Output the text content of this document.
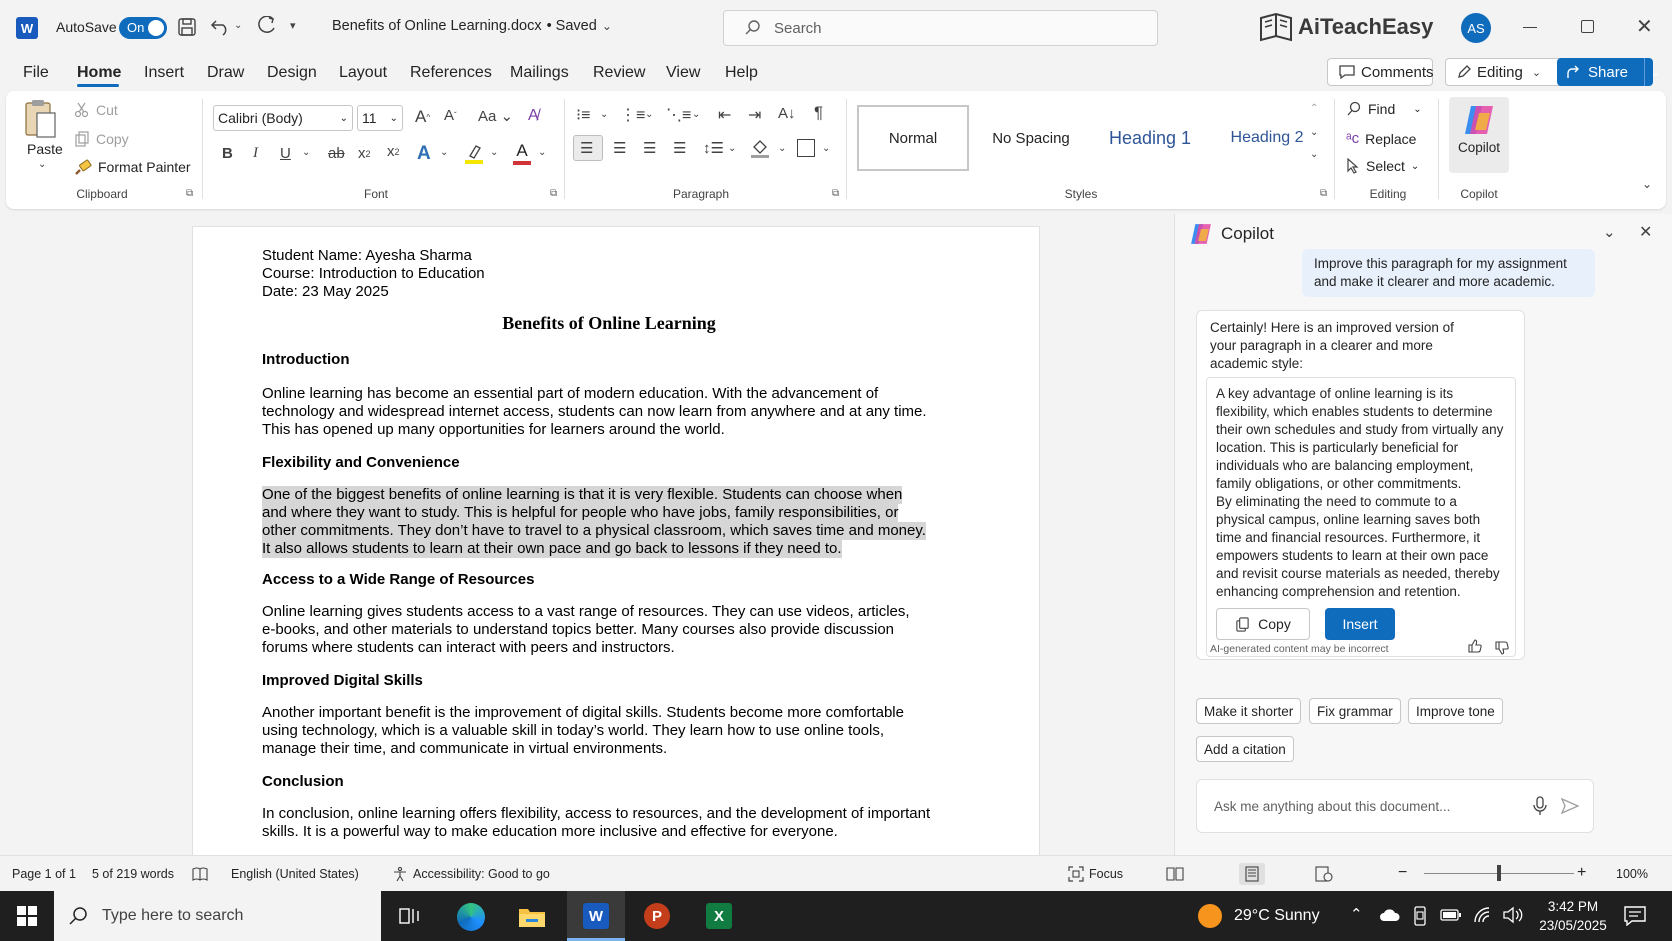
W	AutoSave On	⌄	▾	Benefits of Online Learning.docx • Saved ⌄	Search	AiTeachEasy	AS	✕
File Home Insert Draw Design Layout References Mailings Review View Help	Comments	Editing ⌄	Share	⌄
Paste
⌄
Cut
Copy
Format Painter
Clipboard	⧉
Calibri (Body)	⌄ 11 ⌄ A ^ A ˇ Aa ⌄ A̸
B I U ⌄ ab x 2 x 2 A ⌄	⌄ A	⌄
Font	⧉
⁝≡ ⌄ ⋮≡ ⌄ ⋱≡ ⌄ ⇤ ⇥ A↓ ¶
☰ ☰ ☰ ☰ ↕☰ ⌄	⌄	⌄
Paragraph	⧉
Normal	No Spacing	Heading 1	Heading 2
⌃
⌄
⌄
Styles	⧉
Find ⌄
ᵃc Replace
Select ⌄
Editing
Copilot
Copilot
⌄
Student Name: Ayesha Sharma
Course: Introduction to Education
Date: 23 May 2025
Benefits of Online Learning
Introduction
Online learning has become an essential part of modern education. With the advancement of
technology and widespread internet access, students can now learn from anywhere and at any time.
This has opened up many opportunities for learners around the world.
Flexibility and Convenience
One of the biggest benefits of online learning is that it is very flexible. Students can choose when
and where they want to study. This is helpful for people who have jobs, family responsibilities, or
other commitments. They don’t have to travel to a physical classroom, which saves time and money.
It also allows students to learn at their own pace and go back to lessons if they need to.
Access to a Wide Range of Resources
Online learning gives students access to a vast range of resources. They can use videos, articles,
e-books, and other materials to understand topics better. Many courses also provide discussion
forums where students can interact with peers and instructors.
Improved Digital Skills
Another important benefit is the improvement of digital skills. Students become more comfortable
using technology, which is a valuable skill in today’s world. They learn how to use online tools,
manage their time, and communicate in virtual environments.
Conclusion
In conclusion, online learning offers flexibility, access to resources, and the development of important
skills. It is a powerful way to make education more inclusive and effective for everyone.
Copilot	⌄ ✕
Improve this paragraph for my assignment and make it clearer and more academic.
Certainly! Here is an improved version of your paragraph in a clearer and more academic style:
A key advantage of online learning is its flexibility, which enables students to determine their own schedules and study from virtually any location. This is particularly beneficial for individuals who are balancing employment, family obligations, or other commitments.
By eliminating the need to commute to a physical campus, online learning saves both time and financial resources. Furthermore, it empowers students to learn at their own pace and revisit course materials as needed, thereby enhancing comprehension and retention.
Copy	Insert
AI-generated content may be incorrect
Make it shorter	Fix grammar	Improve tone
Add a citation
Ask me anything about this document...
Page 1 of 1 5 of 219 words	English (United States)	Accessibility: Good to go	Focus	−	+ 100%
Type here to search	W	P	X	29°C Sunny ⌃	3:42 PM
23/05/2025
